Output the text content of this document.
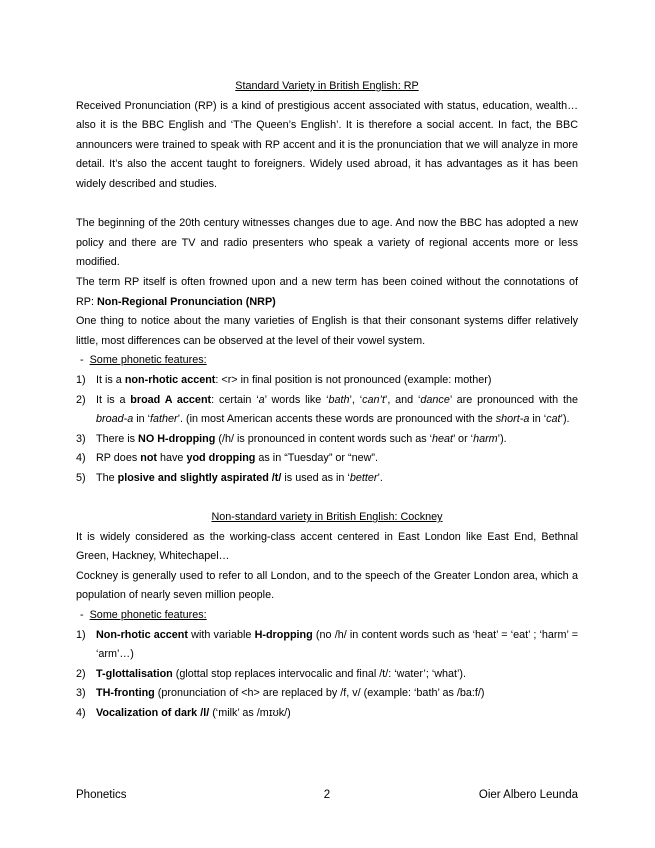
Standard Variety in British English: RP
Received Pronunciation (RP) is a kind of prestigious accent associated with status, education, wealth… also it is the BBC English and ‘The Queen’s English’. It is therefore a social accent. In fact, the BBC announcers were trained to speak with RP accent and it is the pronunciation that we will analyze in more detail. It’s also the accent taught to foreigners. Widely used abroad, it has advantages as it has been widely described and studies.
The beginning of the 20th century witnesses changes due to age. And now the BBC has adopted a new policy and there are TV and radio presenters who speak a variety of regional accents more or less modified.
The term RP itself is often frowned upon and a new term has been coined without the connotations of RP: Non-Regional Pronunciation (NRP)
One thing to notice about the many varieties of English is that their consonant systems differ relatively little, most differences can be observed at the level of their vowel system.
- Some phonetic features:
1) It is a non-rhotic accent: <r> in final position is not pronounced (example: mother)
2) It is a broad A accent: certain ‘a’ words like ‘bath’, ‘can’t’, and ‘dance’ are pronounced with the broad-a in ‘father’. (in most American accents these words are pronounced with the short-a in ‘cat’).
3) There is NO H-dropping (/h/ is pronounced in content words such as ‘heat’ or ‘harm’).
4) RP does not have yod dropping as in “Tuesday” or “new”.
5) The plosive and slightly aspirated /t/ is used as in ‘better’.
Non-standard variety in British English: Cockney
It is widely considered as the working-class accent centered in East London like East End, Bethnal Green, Hackney, Whitechapel…
Cockney is generally used to refer to all London, and to the speech of the Greater London area, which a population of nearly seven million people.
- Some phonetic features:
1) Non-rhotic accent with variable H-dropping (no /h/ in content words such as ‘heat’ = ‘eat’ ; ‘harm’ = ‘arm’…)
2) T-glottalisation (glottal stop replaces intervocalic and final /t/: ‘water’; ‘what’).
3) TH-fronting (pronunciation of <h> are replaced by /f, v/ (example: ‘bath’ as /ba:f/)
4) Vocalization of dark /l/ (‘milk’ as /mɪʊk/)
Phonetics	2	Oier Albero Leunda
